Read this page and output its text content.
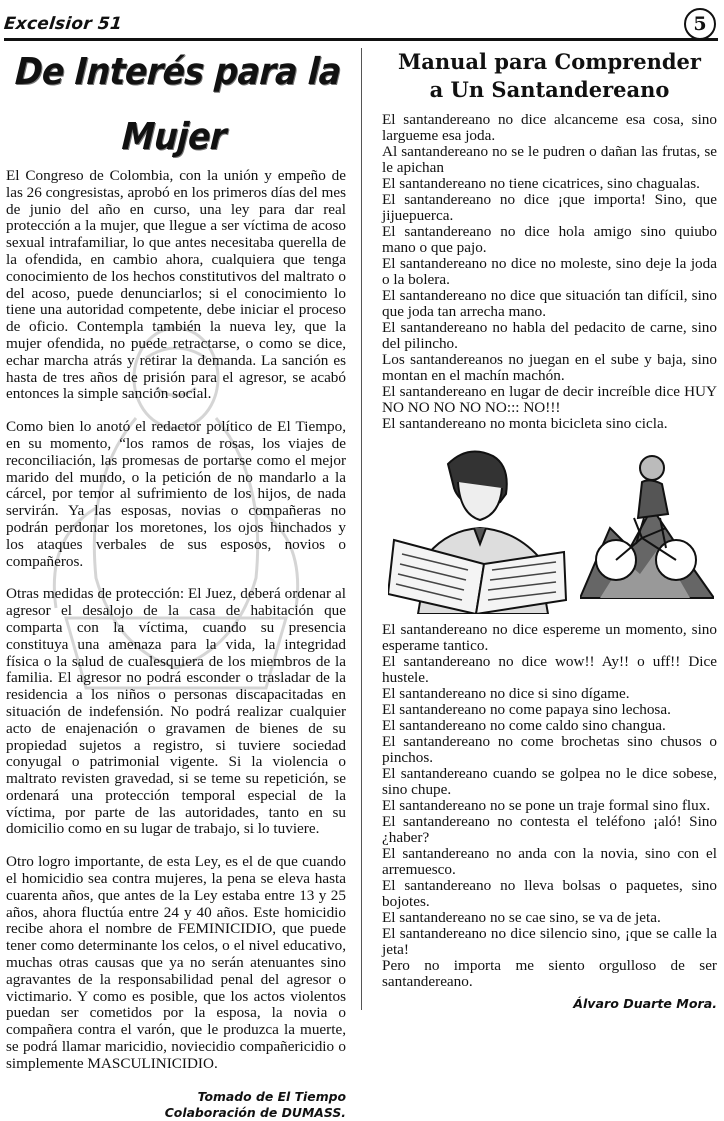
Excelsior 51	5
De Interés para la Mujer

El Congreso de Colombia, con la unión y empeño de las 26 congresistas, aprobó en los primeros días del mes de junio del año en curso, una ley para dar real protección a la mujer, que llegue a ser víctima de acoso sexual intrafamiliar, lo que antes necesitaba querella de la ofendida, en cambio ahora, cualquiera que tenga conocimiento de los hechos constitutivos del maltrato o del acoso, puede denunciarlos; si el conocimiento lo tiene una autoridad competente, debe iniciar el proceso de oficio. Contempla también la nueva ley, que la mujer ofendida, no puede retractarse, o como se dice, echar marcha atrás y retirar la demanda. La sanción es hasta de tres años de prisión para el agresor, se acabó entonces la simple sanción social.

Como bien lo anotó el redactor político de El Tiempo, en su momento, “los ramos de rosas, los viajes de reconciliación, las promesas de portarse como el mejor marido del mundo, o la petición de no mandarlo a la cárcel, por temor al sufrimiento de los hijos, de nada servirán. Ya las esposas, novias o compañeras no podrán perdonar los moretones, los ojos hinchados y los ataques verbales de sus esposos, novios o compañeros.

Otras medidas de protección: El Juez, deberá ordenar al agresor el desalojo de la casa de habitación que comparta con la víctima, cuando su presencia constituya una amenaza para la vida, la integridad física o la salud de cualesquiera de los miembros de la familia. El agresor no podrá esconder o trasladar de la residencia a los niños o personas discapacitadas en situación de indefensión. No podrá realizar cualquier acto de enajenación o gravamen de bienes de su propiedad sujetos a registro, si tuviere sociedad conyugal o patrimonial vigente. Si la violencia o maltrato revisten gravedad, si se teme su repetición, se ordenará una protección temporal especial de la víctima, por parte de las autoridades, tanto en su domicilio como en su lugar de trabajo, si lo tuviere.

Otro logro importante, de esta Ley, es el de que cuando el homicidio sea contra mujeres, la pena se eleva hasta cuarenta años, que antes de la Ley estaba entre 13 y 25 años, ahora fluctúa entre 24 y 40 años. Este homicidio recibe ahora el nombre de FEMINICIDIO, que puede tener como determinante los celos, o el nivel educativo, muchas otras causas que ya no serán atenuantes sino agravantes de la responsabilidad penal del agresor o victimario. Y como es posible, que los actos violentos puedan ser cometidos por la esposa, la novia o compañera contra el varón, que le produzca la muerte, se podrá llamar maricidio, noviecidio compañericidio o simplemente MASCULINICIDIO.

Tomado de El Tiempo
Colaboración de DUMASS.
Manual para Comprender
a Un Santandereano

El santandereano no dice alcanceme esa cosa, sino largueme esa joda.

Al santandereano no se le pudren o dañan las frutas, se le apichan

El santandereano no tiene cicatrices, sino chagualas.

El santandereano no dice ¡que importa! Sino, que jijuepuerca.

El santandereano no dice hola amigo sino quiubo mano o que pajo.

El santandereano no dice no moleste, sino deje la joda o la bolera.

El santandereano no dice que situación tan difícil, sino que joda tan arrecha mano.

El santandereano no habla del pedacito de carne, sino del pilincho.

Los santandereanos no juegan en el sube y baja, sino montan en el machín machón.

El santandereano en lugar de decir increíble dice HUY NO NO NO NO NO::: NO!!!

El santandereano no monta bicicleta sino cicla.

El santandereano no dice espereme un momento, sino esperame tantico.

El santandereano no dice wow!! Ay!! o uff!! Dice hustele.

El santandereano no dice si sino dígame.

El santandereano no come papaya sino lechosa.

El santandereano no come caldo sino changua.

El santandereano no come brochetas sino chusos o pinchos.

El santandereano cuando se golpea no le dice sobese, sino chupe.

El santandereano no se pone un traje formal sino flux.

El santandereano no contesta el teléfono ¡aló! Sino ¿haber?

El santandereano no anda con la novia, sino con el arremuesco.

El santandereano no lleva bolsas o paquetes, sino bojotes.

El santandereano no se cae sino, se va de jeta.

El santandereano no dice silencio sino, ¡que se calle la jeta!

Pero no importa me siento orgulloso de ser santandereano.

Álvaro Duarte Mora.
